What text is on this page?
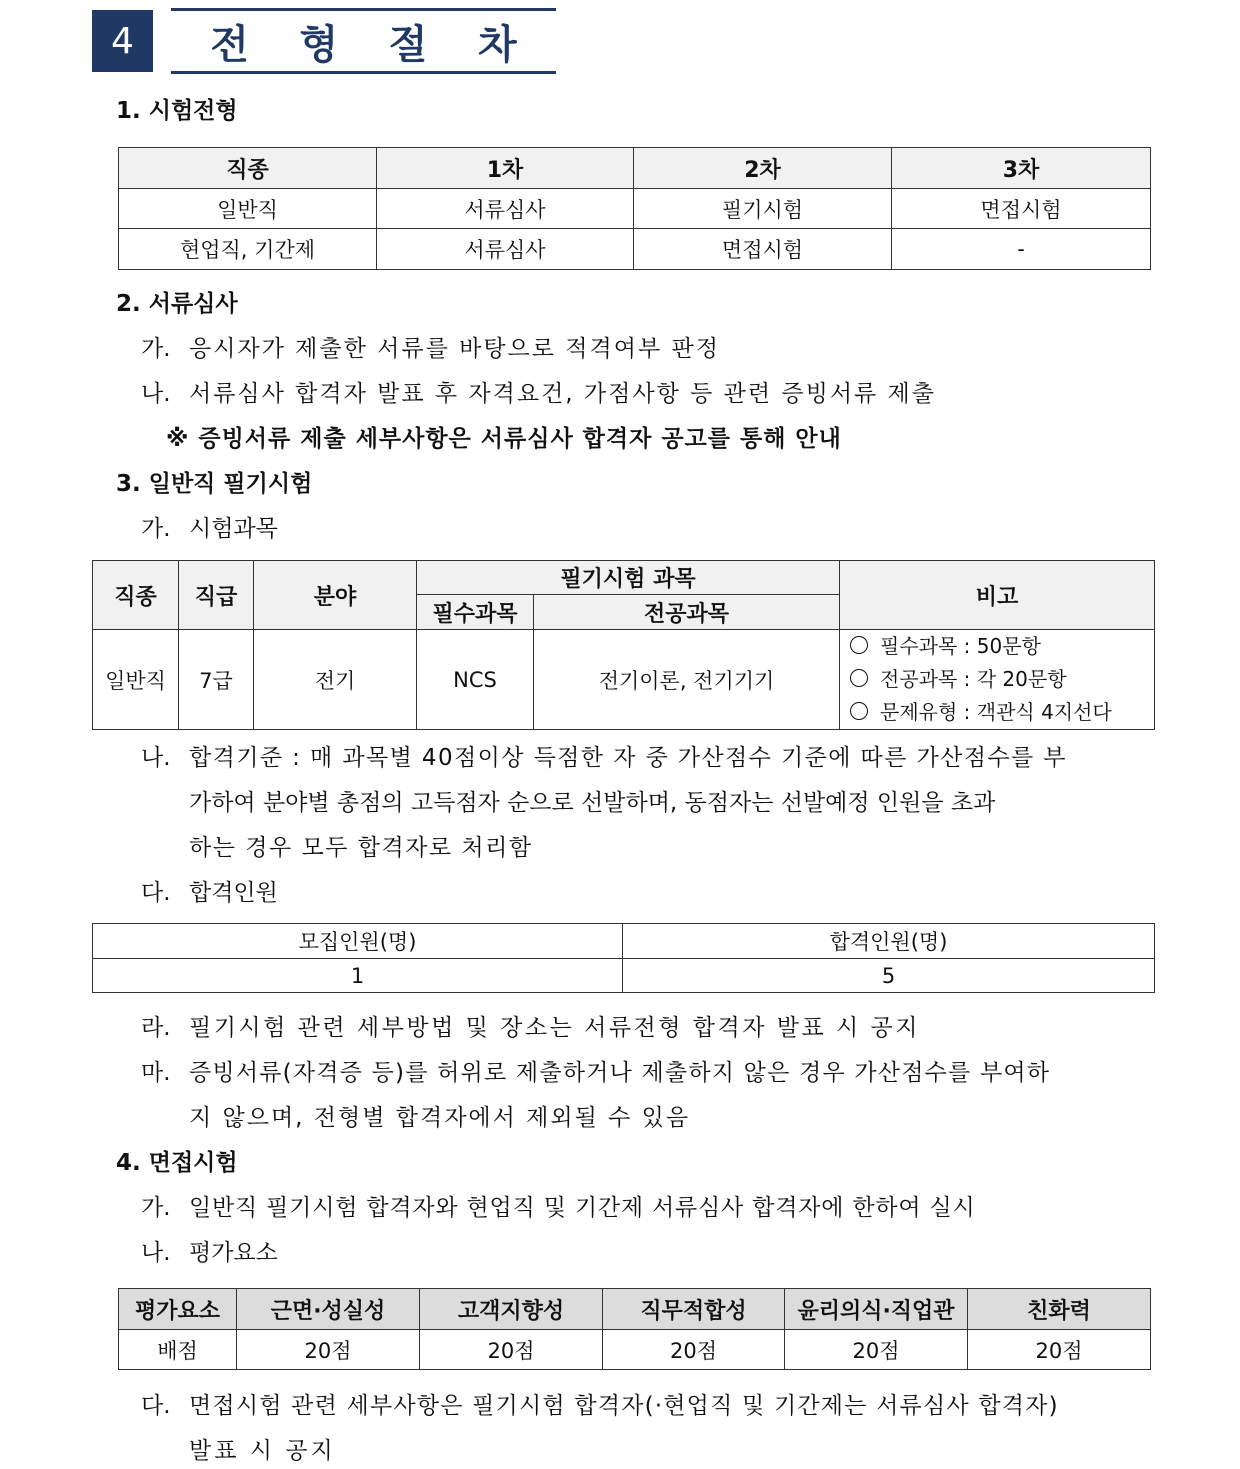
4	전 형 절 차
1. 시험전형
직종	1차	2차	3차
일반직	서류심사	필기시험	면접시험
현업직, 기간제	서류심사	면접시험	-
2. 서류심사
가. 응시자가 제출한 서류를 바탕으로 적격여부 판정
나. 서류심사 합격자 발표 후 자격요건, 가점사항 등 관련 증빙서류 제출
※ 증빙서류 제출 세부사항은 서류심사 합격자 공고를 통해 안내
3. 일반직 필기시험
가. 시험과목
직종	직급	분야	필기시험 과목		비고
			필수과목	전공과목	
일반직	7급	전기	NCS	전기이론, 전기기기	필수과목 : 50문항
전공과목 : 각 20문항
문제유형 : 객관식 4지선다
나. 합격기준 : 매 과목별 40점이상 득점한 자 중 가산점수 기준에 따른 가산점수를 부
가하여 분야별 총점의 고득점자 순으로 선발하며, 동점자는 선발예정 인원을 초과
하는 경우 모두 합격자로 처리함
다. 합격인원
모집인원(명)	합격인원(명)
1	5
라. 필기시험 관련 세부방법 및 장소는 서류전형 합격자 발표 시 공지
마. 증빙서류(자격증 등)를 허위로 제출하거나 제출하지 않은 경우 가산점수를 부여하
지 않으며, 전형별 합격자에서 제외될 수 있음
4. 면접시험
가. 일반직 필기시험 합격자와 현업직 및 기간제 서류심사 합격자에 한하여 실시
나. 평가요소
평가요소	근면·성실성	고객지향성	직무적합성	윤리의식·직업관	친화력
배점	20점	20점	20점	20점	20점
다. 면접시험 관련 세부사항은 필기시험 합격자(·현업직 및 기간제는 서류심사 합격자)
발표 시 공지
